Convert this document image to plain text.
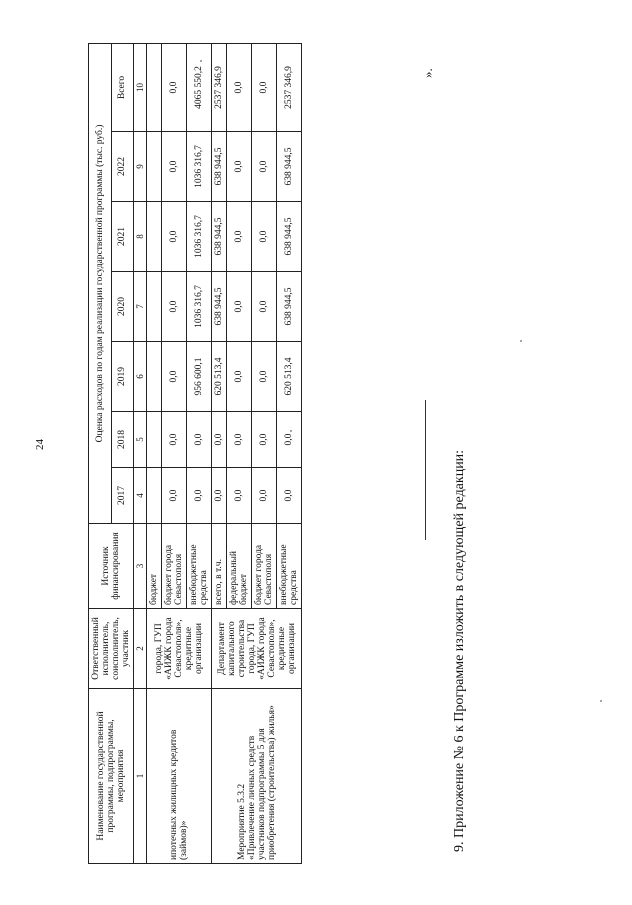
24
Наименование государственной программы, подпрограммы, мероприятия	Ответственный исполнитель, соисполнитель, участник	Источник финансирования	Оценка расходов по годам реализации государственной программы (тыс. руб.)						
			2017	2018	2019	2020	2021	2022	Всего
1	2	3	4	5	6	7	8	9	10
ипотечных жилищных кредитов (займов)»	города, ГУП «АИЖК города Севастополя», кредитные организации	бюджет							
		бюджет города Севастополя	0,0	0,0	0,0	0,0	0,0	0,0	0,0
		внебюджетные средства	0,0	0,0	956 600,1	1036 316,7	1036 316,7	1036 316,7	4065 550,2
Мероприятие 5.3.2
«Привлечение личных средств участников подпрограммы 5 для приобретения (строительства) жилья»	Департамент капитального строительства города, ГУП «АИЖК города Севастополя», кредитные организации	всего, в т.ч.	0,0	0,0	620 513,4	638 944,5	638 944,5	638 944,5	2537 346,9
		федеральный бюджет	0,0	0,0	0,0	0,0	0,0	0,0	0,0
		бюджет города Севастополя	0,0	0,0	0,0	0,0	0,0	0,0	0,0
		внебюджетные средства	0,0	0,0	620 513,4	638 944,5	638 944,5	638 944,5	2537 346,9	».
9. Приложение № 6 к Программе изложить в следующей редакции:
